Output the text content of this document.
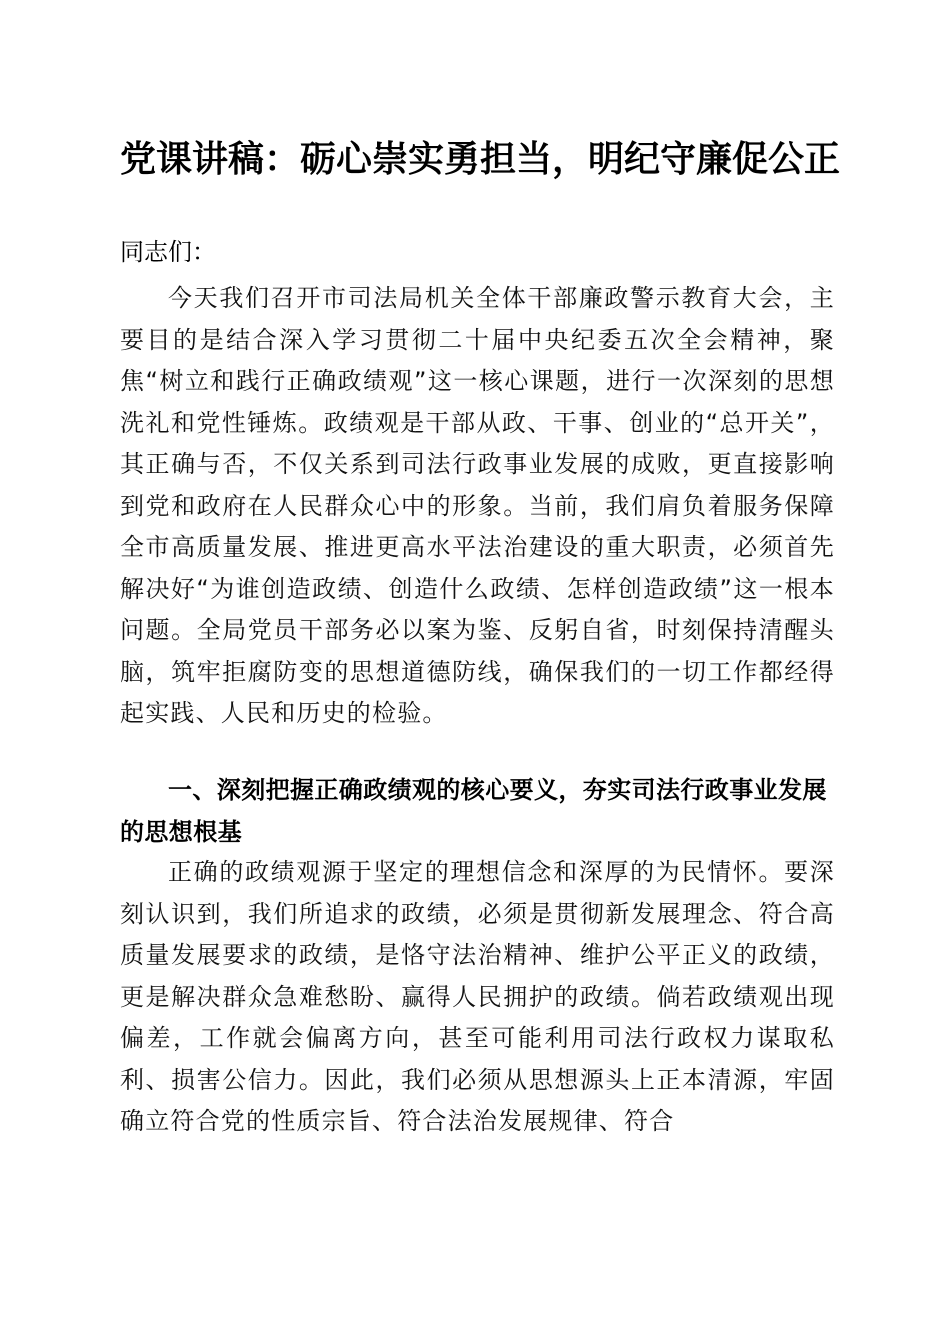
党课讲稿：砺心崇实勇担当，明纪守廉促公正

同志们：

今天我们召开市司法局机关全体干部廉政警示教育大会，主要目的是结合深入学习贯彻二十届中央纪委五次全会精神，聚焦“树立和践行正确政绩观”这一核心课题，进行一次深刻的思想洗礼和党性锤炼。政绩观是干部从政、干事、创业的“总开关”，其正确与否，不仅关系到司法行政事业发展的成败，更直接影响到党和政府在人民群众心中的形象。当前，我们肩负着服务保障全市高质量发展、推进更高水平法治建设的重大职责，必须首先解决好“为谁创造政绩、创造什么政绩、怎样创造政绩”这一根本问题。全局党员干部务必以案为鉴、反躬自省，时刻保持清醒头脑，筑牢拒腐防变的思想道德防线，确保我们的一切工作都经得起实践、人民和历史的检验。

一、深刻把握正确政绩观的核心要义，夯实司法行政事业发展的思想根基

正确的政绩观源于坚定的理想信念和深厚的为民情怀。要深刻认识到，我们所追求的政绩，必须是贯彻新发展理念、符合高质量发展要求的政绩，是恪守法治精神、维护公平正义的政绩，更是解决群众急难愁盼、赢得人民拥护的政绩。倘若政绩观出现偏差，工作就会偏离方向，甚至可能利用司法行政权力谋取私利、损害公信力。因此，我们必须从思想源头上正本清源，牢固确立符合党的性质宗旨、符合法治发展规律、符合
